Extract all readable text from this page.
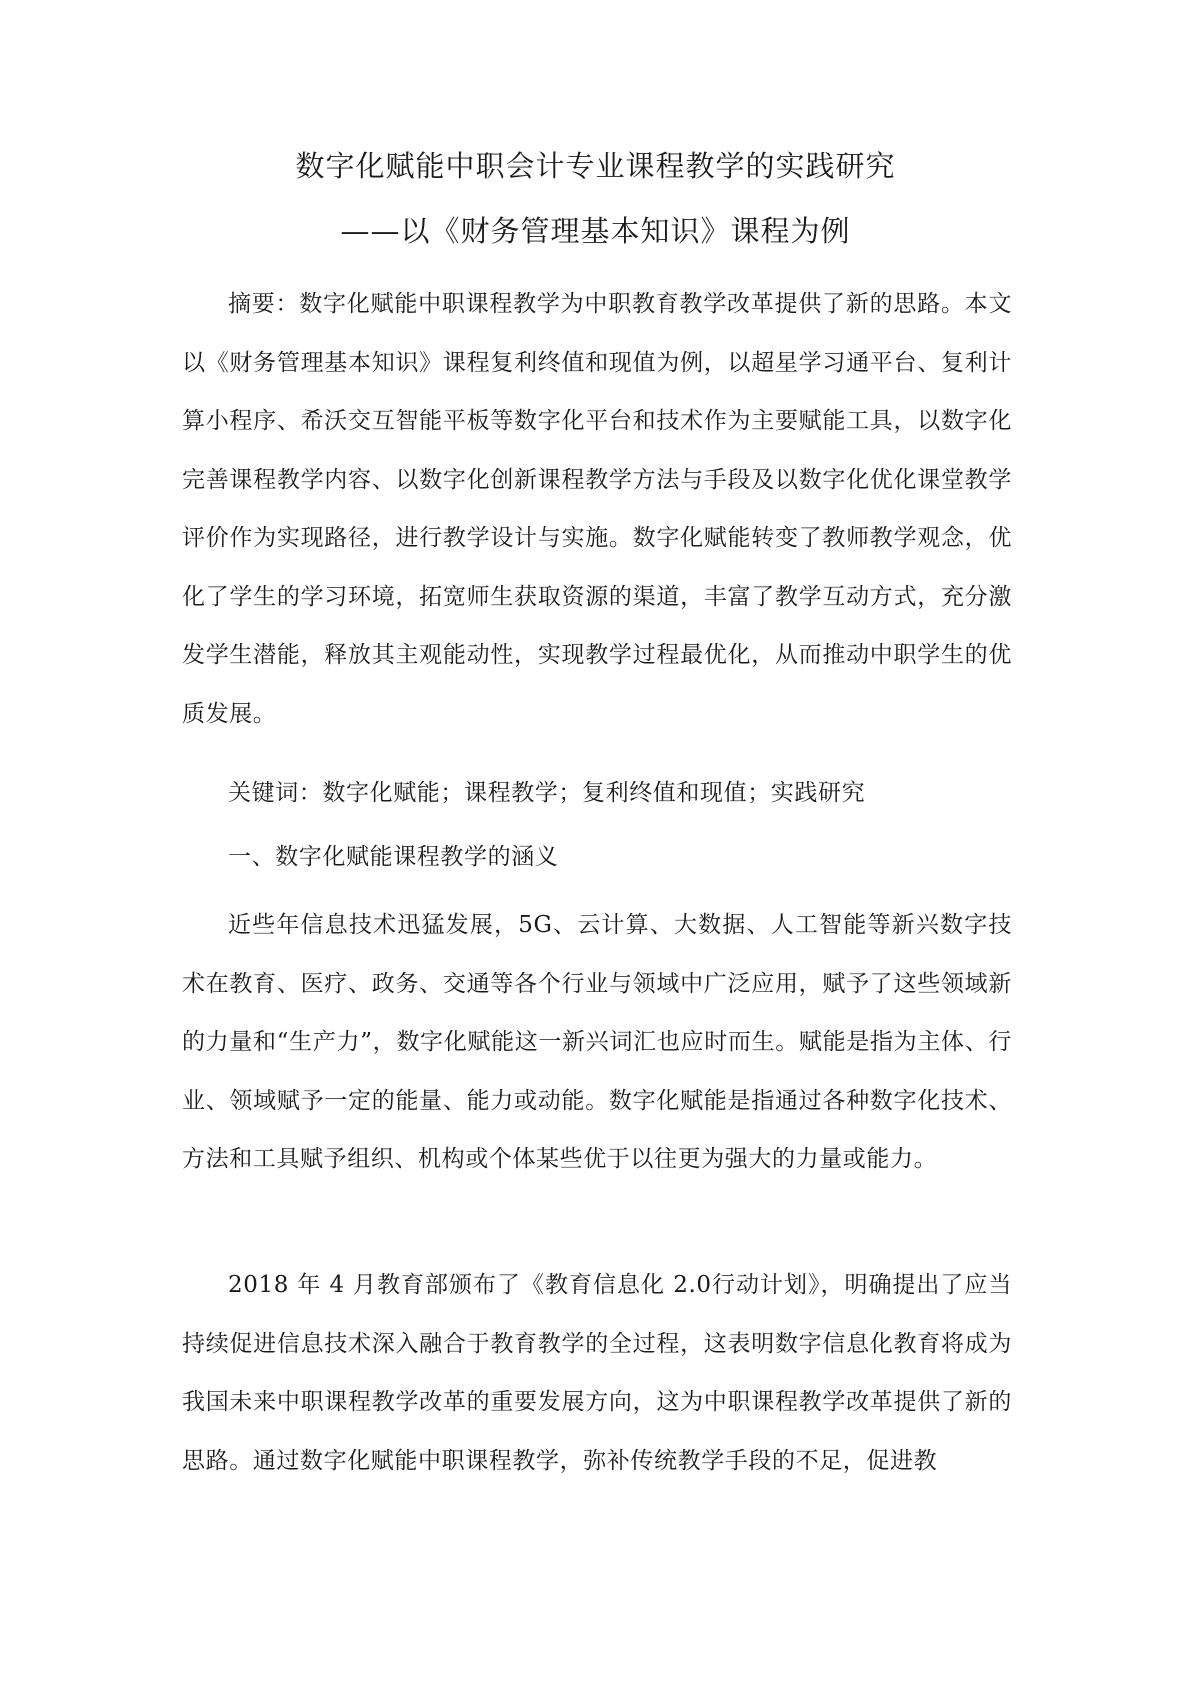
数字化赋能中职会计专业课程教学的实践研究
——以《财务管理基本知识》课程为例

摘要：数字化赋能中职课程教学为中职教育教学改革提供了新的思路。本文以《财务管理基本知识》课程复利终值和现值为例，以超星学习通平台、复利计算小程序、希沃交互智能平板等数字化平台和技术作为主要赋能工具，以数字化完善课程教学内容、以数字化创新课程教学方法与手段及以数字化优化课堂教学评价作为实现路径，进行教学设计与实施。数字化赋能转变了教师教学观念，优化了学生的学习环境，拓宽师生获取资源的渠道，丰富了教学互动方式，充分激发学生潜能，释放其主观能动性，实现教学过程最优化，从而推动中职学生的优质发展。

关键词：数字化赋能；课程教学；复利终值和现值；实践研究

一、数字化赋能课程教学的涵义

近些年信息技术迅猛发展，5G、云计算、大数据、人工智能等新兴数字技术在教育、医疗、政务、交通等各个行业与领域中广泛应用，赋予了这些领域新的力量和“生产力”，数字化赋能这一新兴词汇也应时而生。赋能是指为主体、行业、领域赋予一定的能量、能力或动能。数字化赋能是指通过各种数字化技术、方法和工具赋予组织、机构或个体某些优于以往更为强大的力量或能力。

2018 年 4 月教育部颁布了《教育信息化 2.0行动计划》，明确提出了应当持续促进信息技术深入融合于教育教学的全过程，这表明数字信息化教育将成为我国未来中职课程教学改革的重要发展方向，这为中职课程教学改革提供了新的思路。通过数字化赋能中职课程教学，弥补传统教学手段的不足，促进教
